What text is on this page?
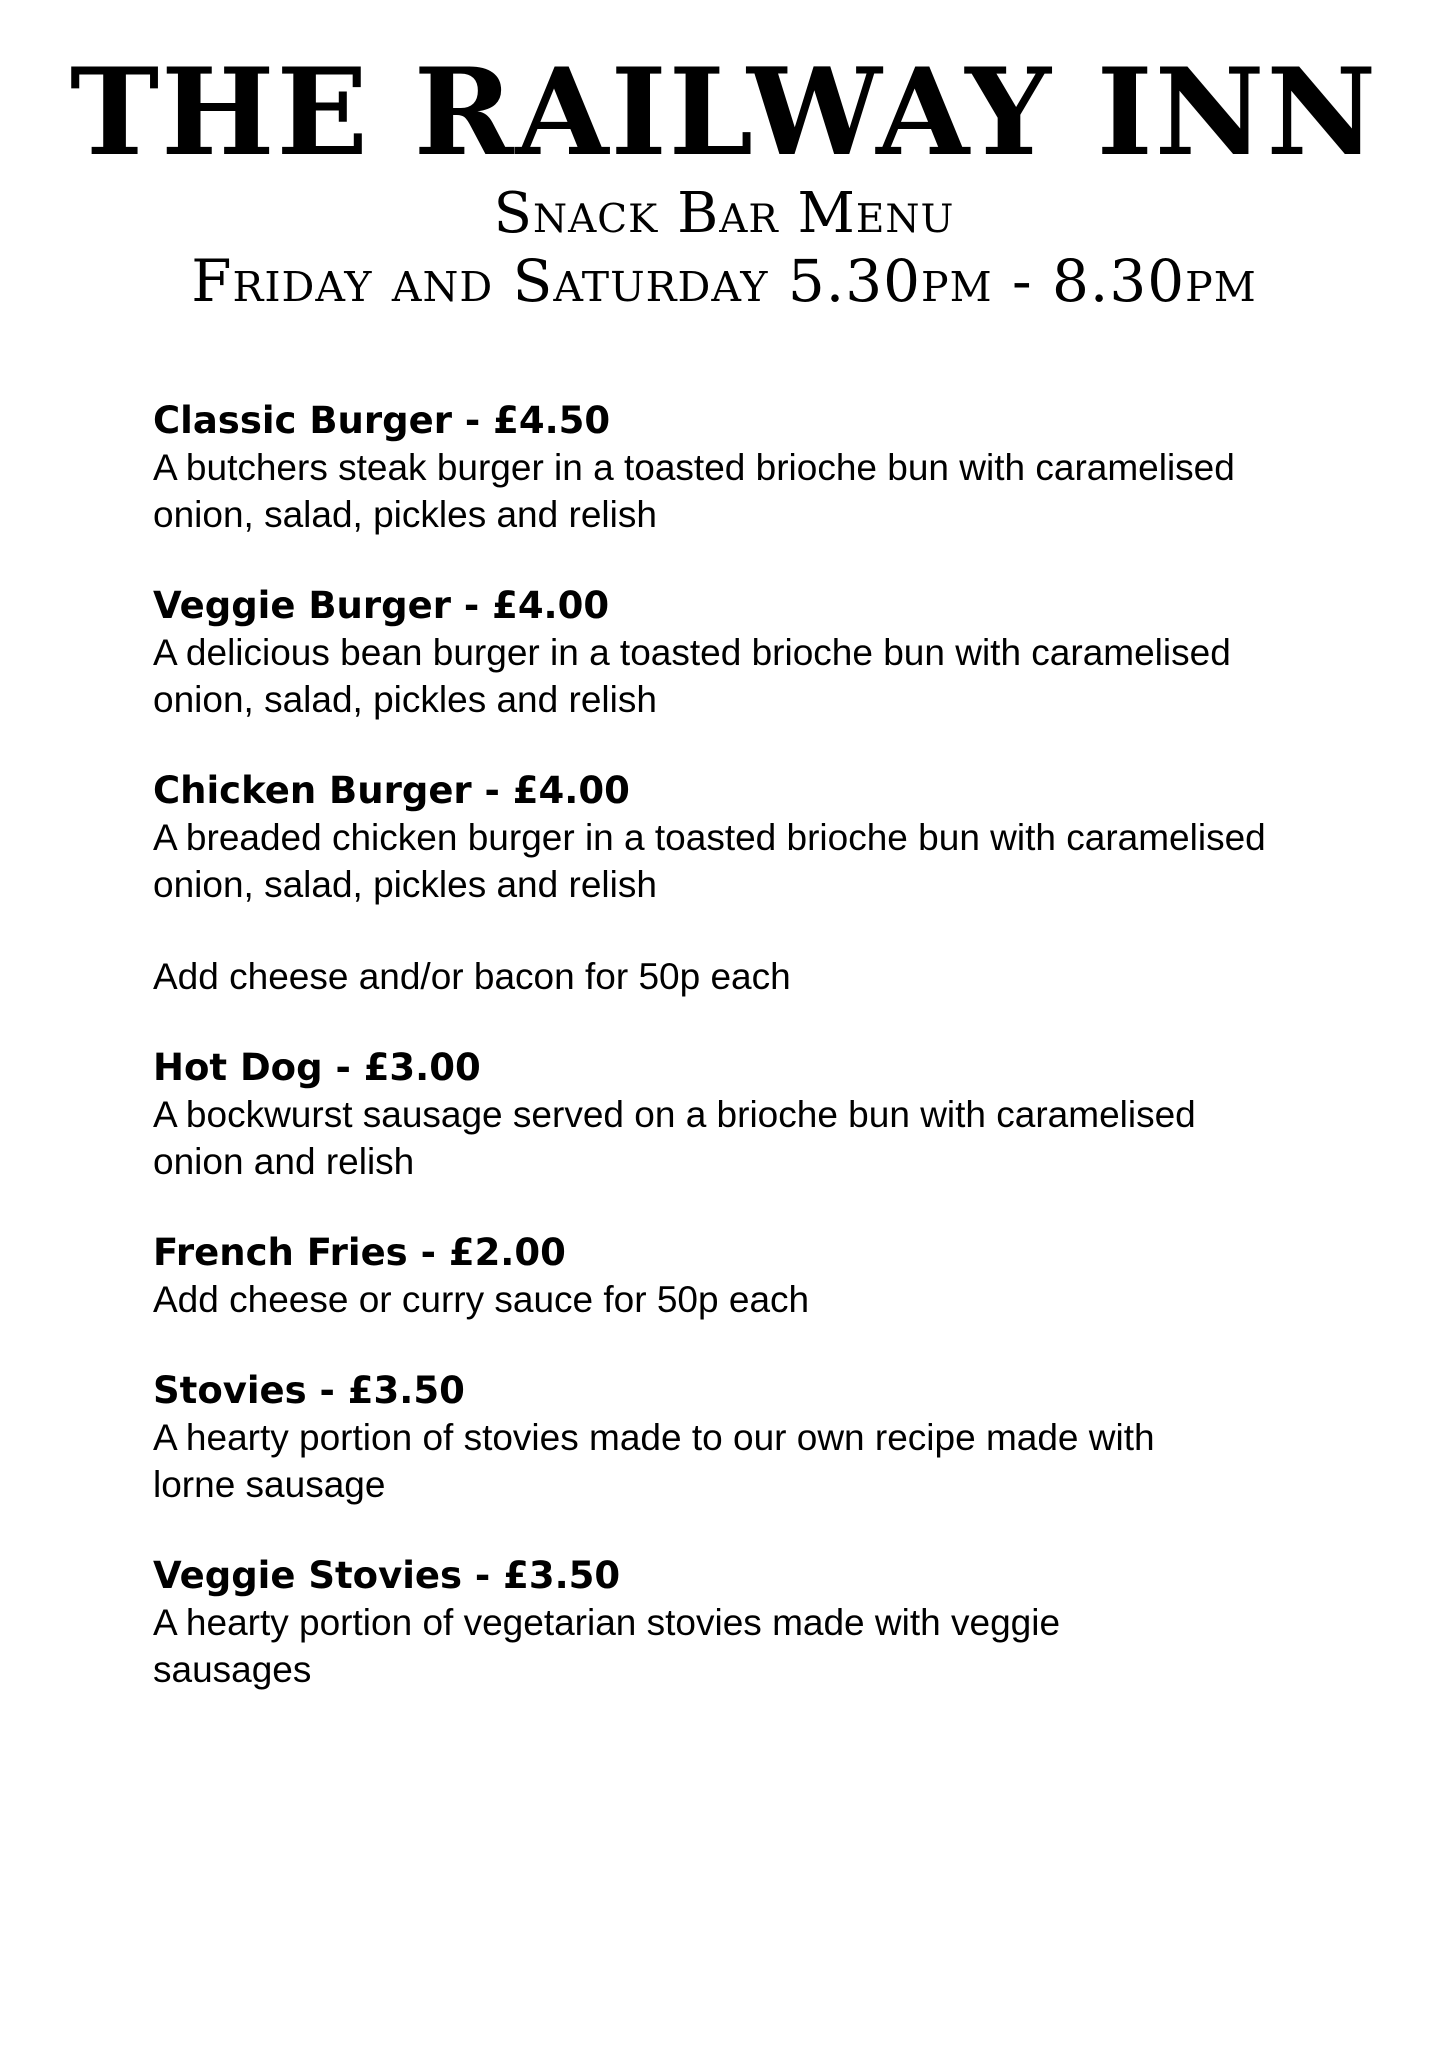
THE RAILWAY INN
Snack Bar Menu
Friday and Saturday 5.30pm - 8.30pm

Classic Burger - £4.50

A butchers steak burger in a toasted brioche bun with caramelised
onion, salad, pickles and relish

Veggie Burger - £4.00

A delicious bean burger in a toasted brioche bun with caramelised
onion, salad, pickles and relish

Chicken Burger - £4.00

A breaded chicken burger in a toasted brioche bun with caramelised
onion, salad, pickles and relish

Add cheese and/or bacon for 50p each

Hot Dog - £3.00

A bockwurst sausage served on a brioche bun with caramelised
onion and relish

French Fries - £2.00

Add cheese or curry sauce for 50p each

Stovies - £3.50

A hearty portion of stovies made to our own recipe made with
lorne sausage

Veggie Stovies - £3.50

A hearty portion of vegetarian stovies made with veggie
sausages
